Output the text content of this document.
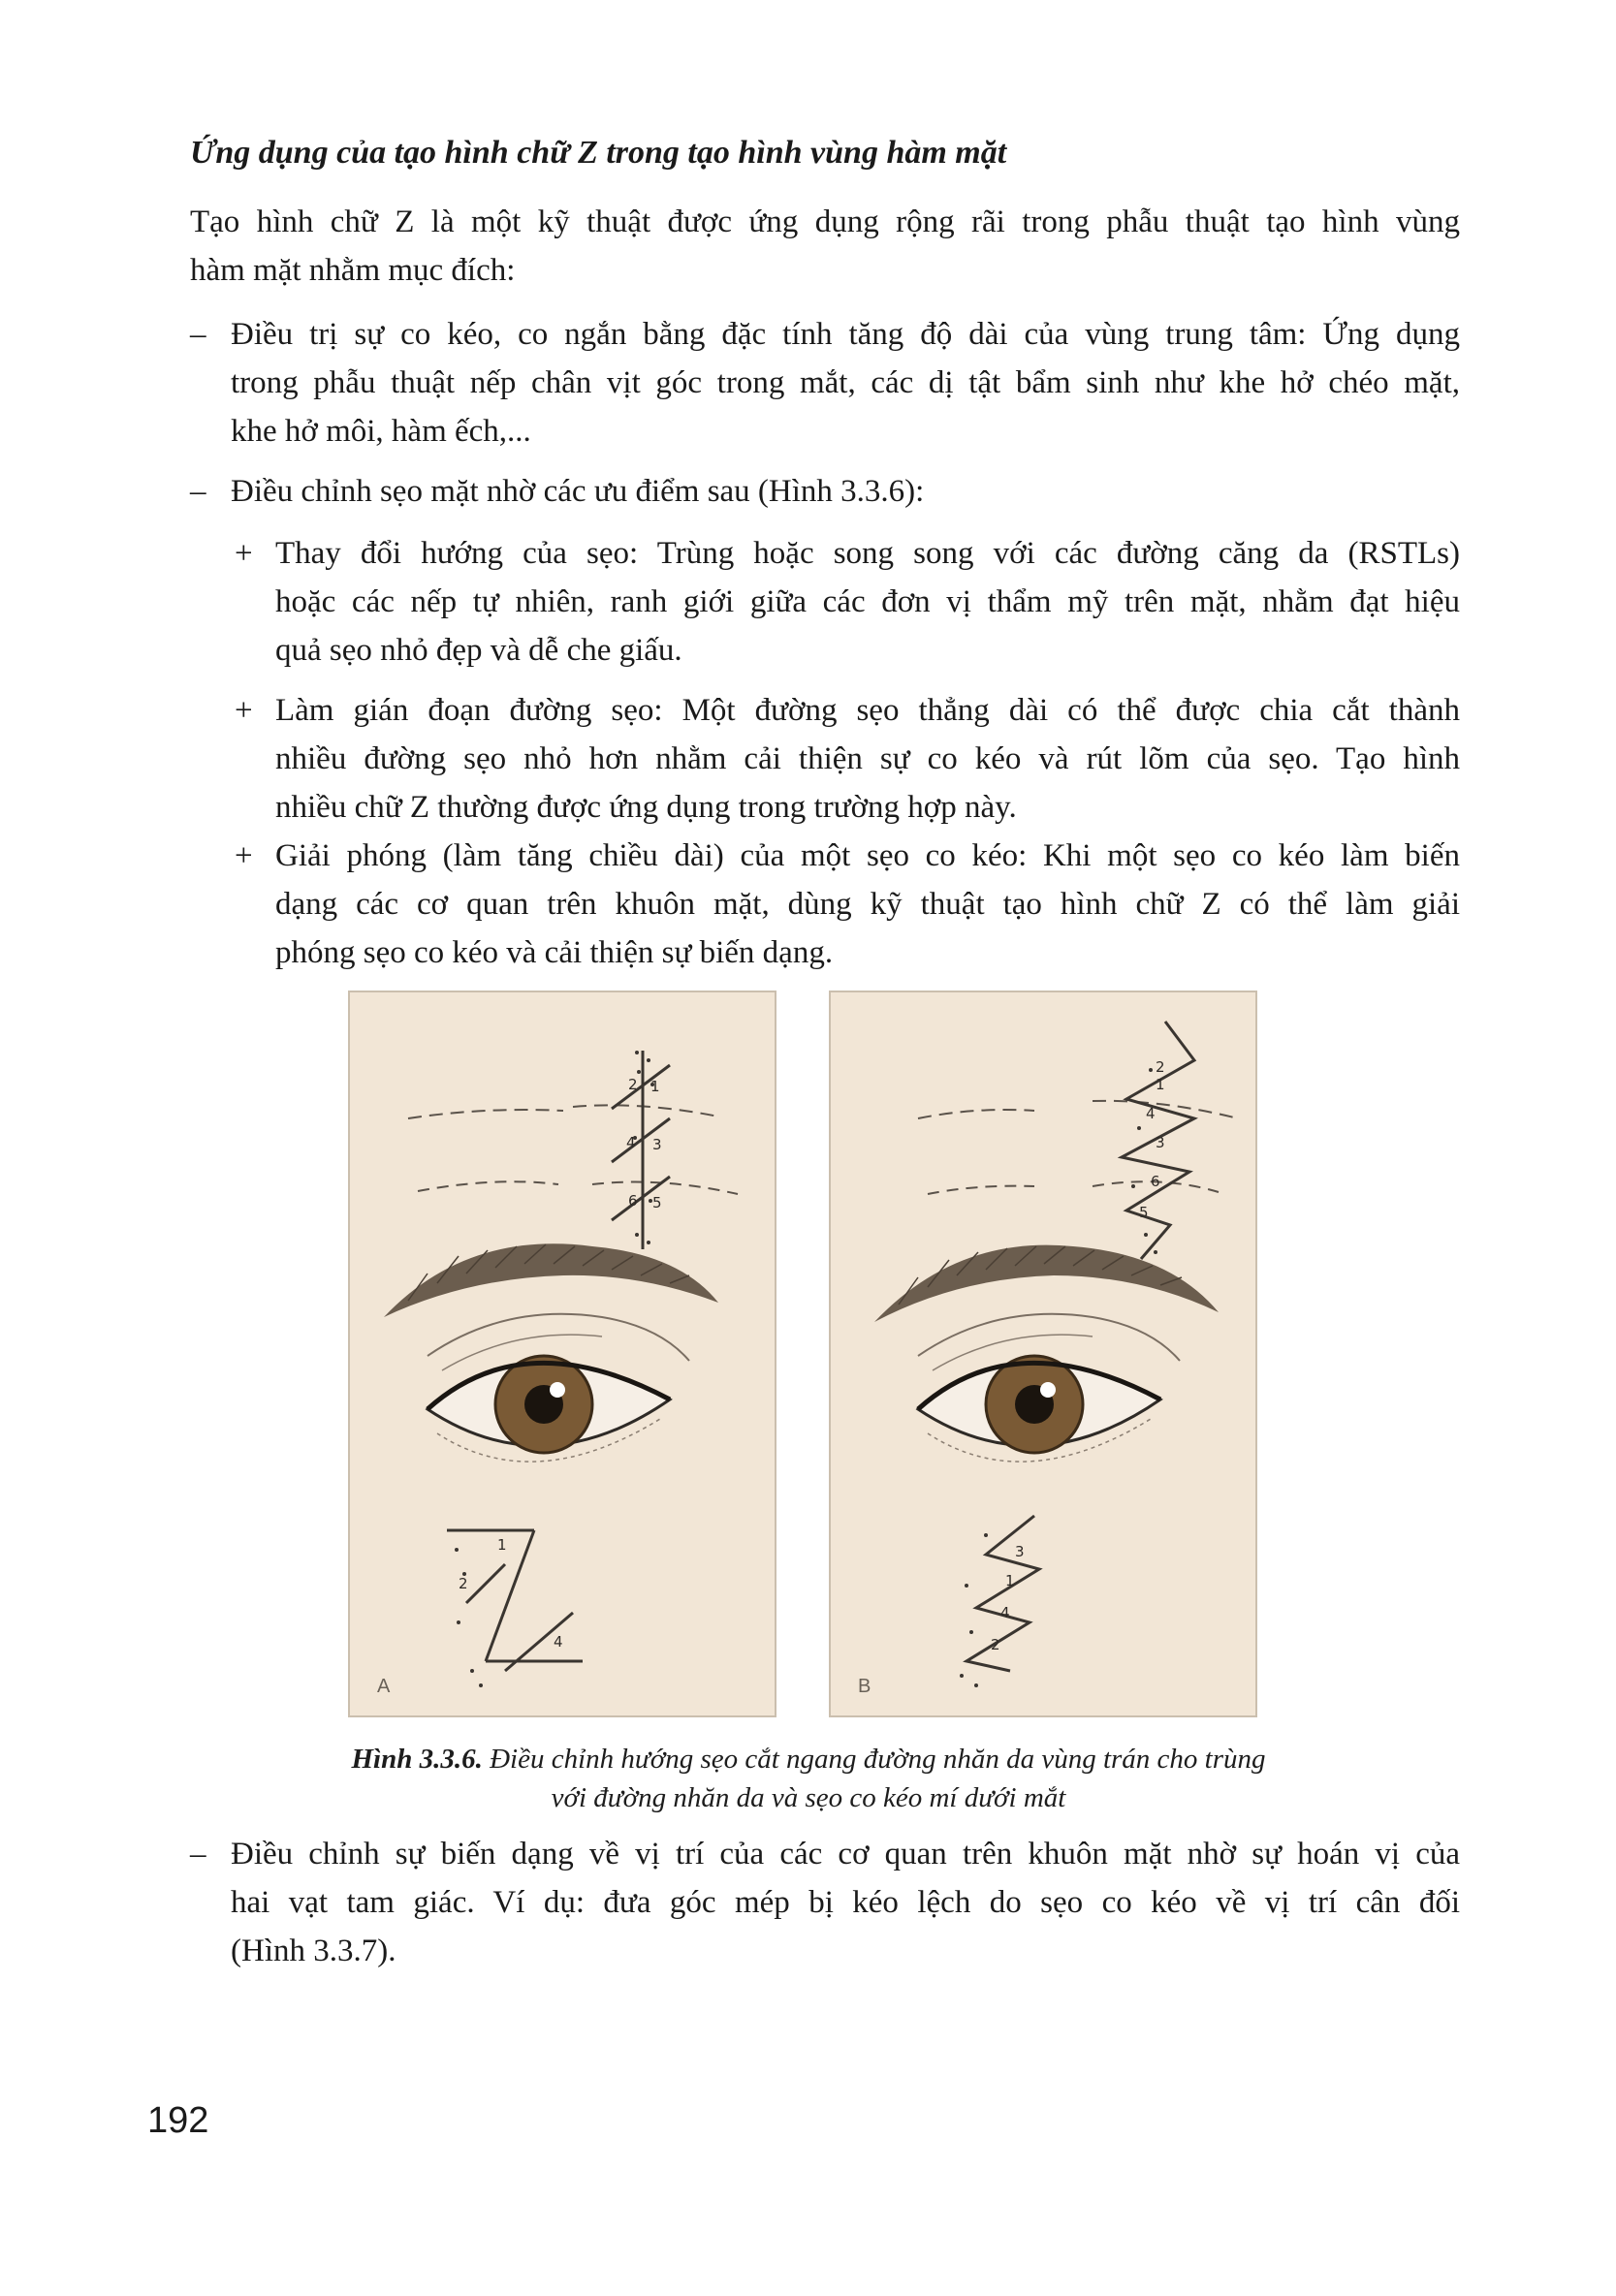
Ứng dụng của tạo hình chữ Z trong tạo hình vùng hàm mặt
Tạo hình chữ Z là một kỹ thuật được ứng dụng rộng rãi trong phẫu thuật tạo hình vùng
hàm mặt nhằm mục đích:
– Điều trị sự co kéo, co ngắn bằng đặc tính tăng độ dài của vùng trung tâm: Ứng dụng
trong phẫu thuật nếp chân vịt góc trong mắt, các dị tật bẩm sinh như khe hở chéo mặt,
khe hở môi, hàm ếch,...
– Điều chỉnh sẹo mặt nhờ các ưu điểm sau (Hình 3.3.6):
+ Thay đổi hướng của sẹo: Trùng hoặc song song với các đường căng da (RSTLs)
hoặc các nếp tự nhiên, ranh giới giữa các đơn vị thẩm mỹ trên mặt, nhằm đạt hiệu
quả sẹo nhỏ đẹp và dễ che giấu.
+ Làm gián đoạn đường sẹo: Một đường sẹo thẳng dài có thể được chia cắt thành
nhiều đường sẹo nhỏ hơn nhằm cải thiện sự co kéo và rút lõm của sẹo. Tạo hình
nhiều chữ Z thường được ứng dụng trong trường hợp này.
+ Giải phóng (làm tăng chiều dài) của một sẹo co kéo: Khi một sẹo co kéo làm biến
dạng các cơ quan trên khuôn mặt, dùng kỹ thuật tạo hình chữ Z có thể làm giải
phóng sẹo co kéo và cải thiện sự biến dạng.
2 1
4 3
6 5
1
2
4
A
2
1
4
3
6
5
3
1
4
2
B
Hình 3.3.6. Điều chỉnh hướng sẹo cắt ngang đường nhăn da vùng trán cho trùng
với đường nhăn da và sẹo co kéo mí dưới mắt
– Điều chỉnh sự biến dạng về vị trí của các cơ quan trên khuôn mặt nhờ sự hoán vị của
hai vạt tam giác. Ví dụ: đưa góc mép bị kéo lệch do sẹo co kéo về vị trí cân đối
(Hình 3.3.7).
192
